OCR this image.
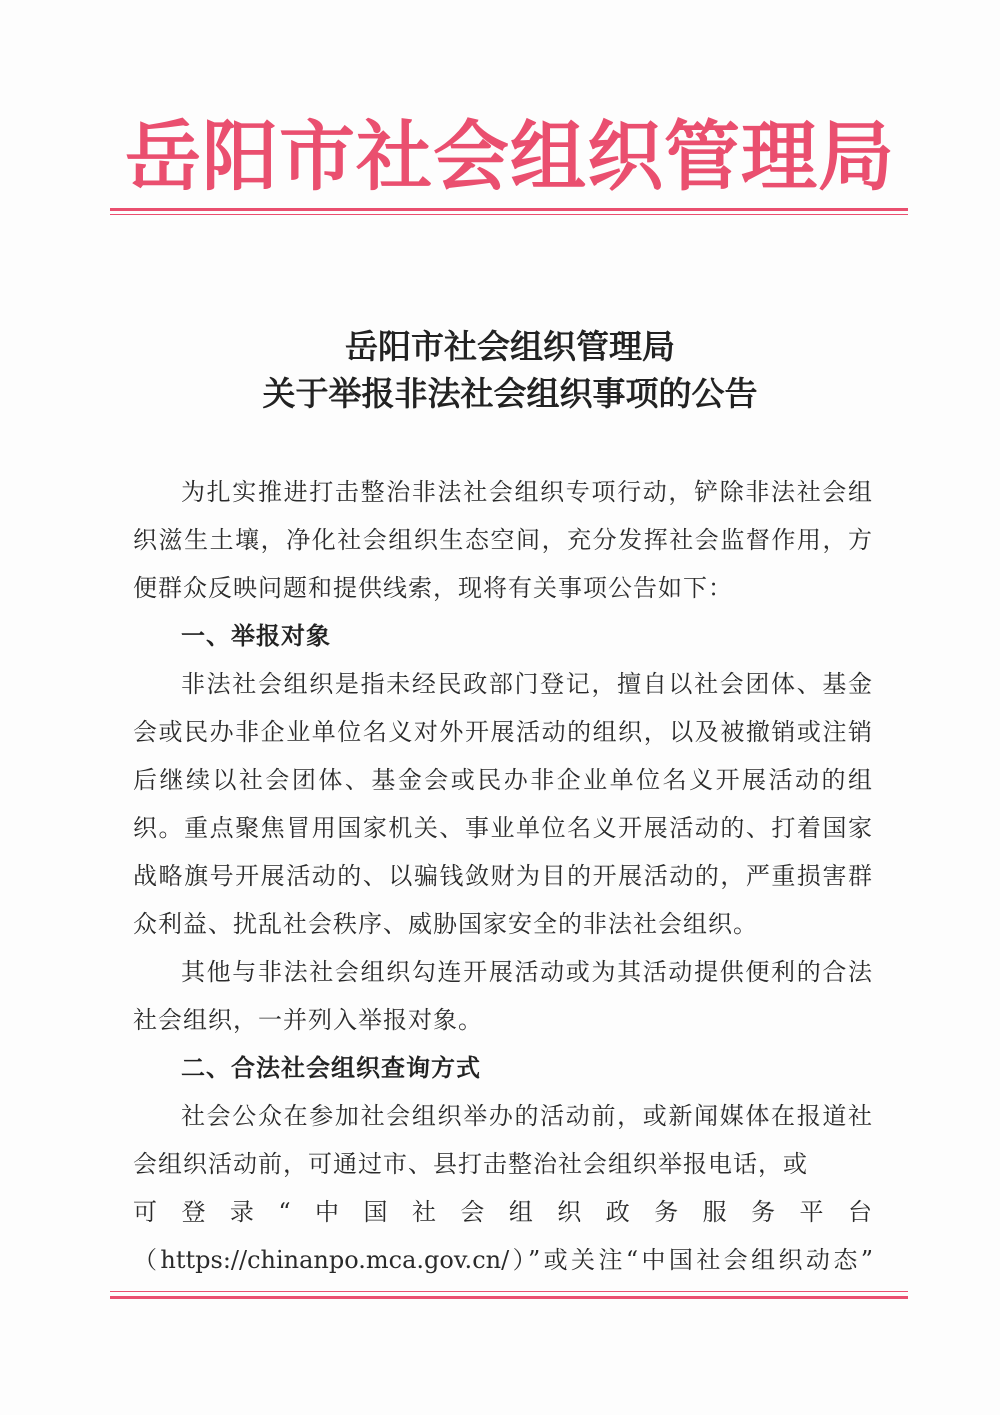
岳阳市社会组织管理局
岳阳市社会组织管理局
关于举报非法社会组织事项的公告

为扎实推进打击整治非法社会组织专项行动，铲除非法社会组织滋生土壤，净化社会组织生态空间，充分发挥社会监督作用，方便群众反映问题和提供线索，现将有关事项公告如下：

一、举报对象

非法社会组织是指未经民政部门登记，擅自以社会团体、基金会或民办非企业单位名义对外开展活动的组织，以及被撤销或注销后继续以社会团体、基金会或民办非企业单位名义开展活动的组织。重点聚焦冒用国家机关、事业单位名义开展活动的、打着国家战略旗号开展活动的、以骗钱敛财为目的开展活动的，严重损害群众利益、扰乱社会秩序、威胁国家安全的非法社会组织。

其他与非法社会组织勾连开展活动或为其活动提供便利的合法社会组织，一并列入举报对象。

二、合法社会组织查询方式

社会公众在参加社会组织举办的活动前，或新闻媒体在报道社会组织活动前，可通过市、县打击整治社会组织举报电话，或

可登录“中国社会组织政务服务平台

（https://chinanpo.mca.gov.cn/）”或关注“中国社会组织动态”
